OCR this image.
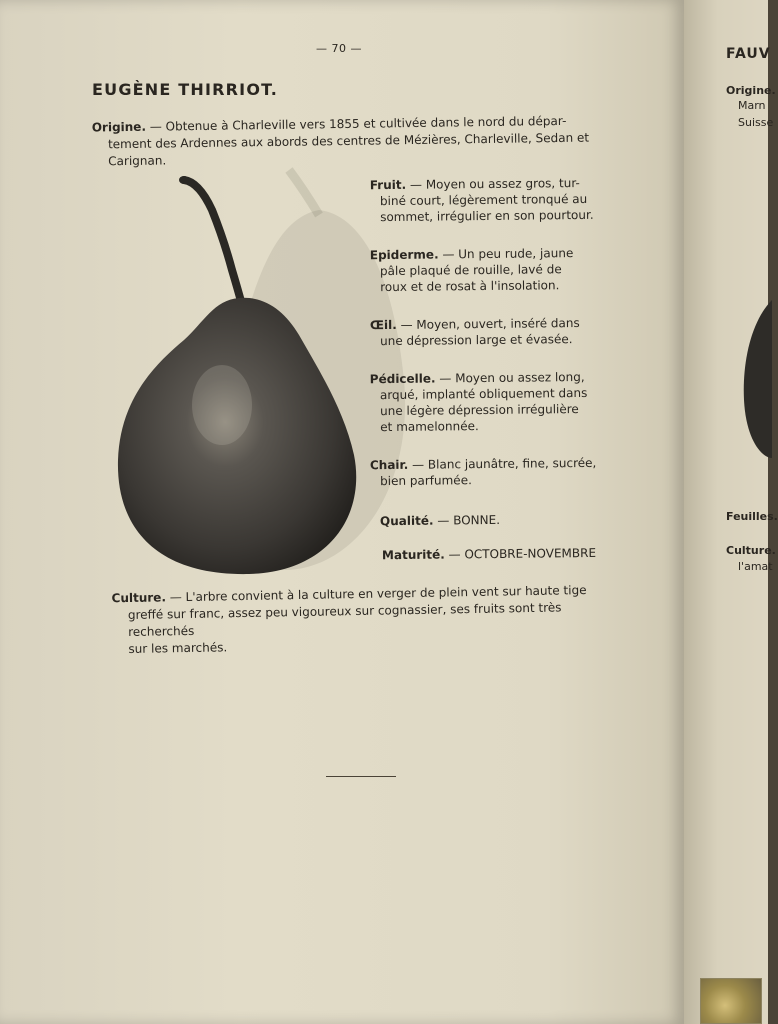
— 70 —
EUGÈNE THIRRIOT.
Origine. — Obtenue à Charleville vers 1855 et cultivée dans le nord du dépar-
tement des Ardennes aux abords des centres de Mézières, Charleville, Sedan et
Carignan.
Fruit. — Moyen ou assez gros, tur-
biné court, légèrement tronqué au
sommet, irrégulier en son pourtour.
Epiderme. — Un peu rude, jaune
pâle plaqué de rouille, lavé de
roux et de rosat à l'insolation.
Œil. — Moyen, ouvert, inséré dans
une dépression large et évasée.
Pédicelle. — Moyen ou assez long,
arqué, implanté obliquement dans
une légère dépression irrégulière
et mamelonnée.
Chair. — Blanc jaunâtre, fine, sucrée,
bien parfumée.
Qualité. — BONNE.
Maturité. — OCTOBRE-NOVEMBRE
Culture. — L'arbre convient à la culture en verger de plein vent sur haute tige
greffé sur franc, assez peu vigoureux sur cognassier, ses fruits sont très recherchés
sur les marchés.
FAUV
Origine.
Marn
Suisse
Feuilles.
Culture.
l'amat
